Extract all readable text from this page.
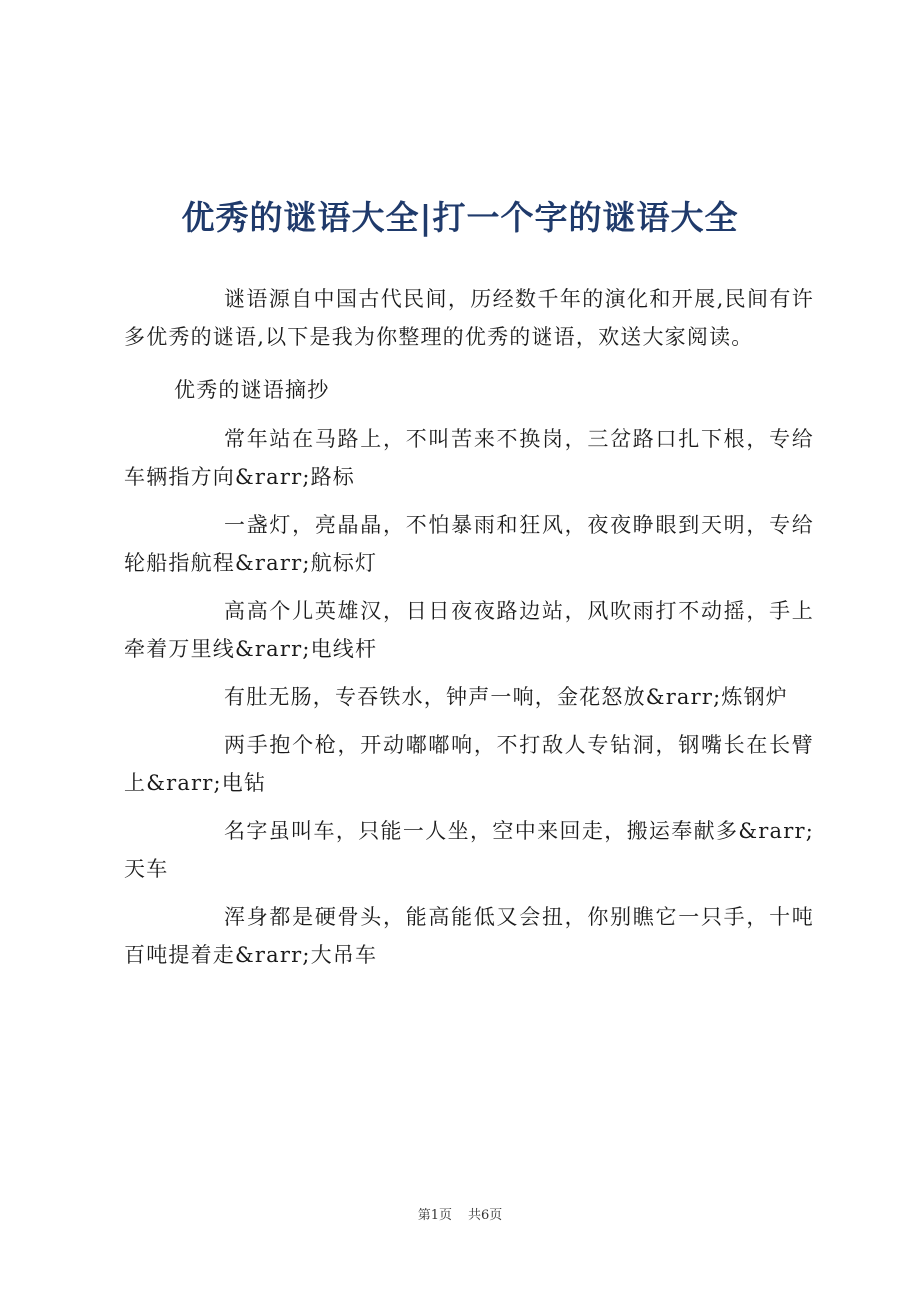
优秀的谜语大全|打一个字的谜语大全

谜语源自中国古代民间，历经数千年的演化和开展,民间有许多优秀的谜语,以下是我为你整理的优秀的谜语，欢送大家阅读。

优秀的谜语摘抄

常年站在马路上，不叫苦来不换岗，三岔路口扎下根，专给车辆指方向&rarr;路标

一盏灯，亮晶晶，不怕暴雨和狂风，夜夜睁眼到天明，专给轮船指航程&rarr;航标灯

高高个儿英雄汉，日日夜夜路边站，风吹雨打不动摇，手上牵着万里线&rarr;电线杆

有肚无肠，专吞铁水，钟声一响，金花怒放&rarr;炼钢炉

两手抱个枪，开动嘟嘟响，不打敌人专钻洞，钢嘴长在长臂上&rarr;电钻

名字虽叫车，只能一人坐，空中来回走，搬运奉献多&rarr;天车

浑身都是硬骨头，能高能低又会扭，你别瞧它一只手，十吨百吨提着走&rarr;大吊车

第1页 共6页
